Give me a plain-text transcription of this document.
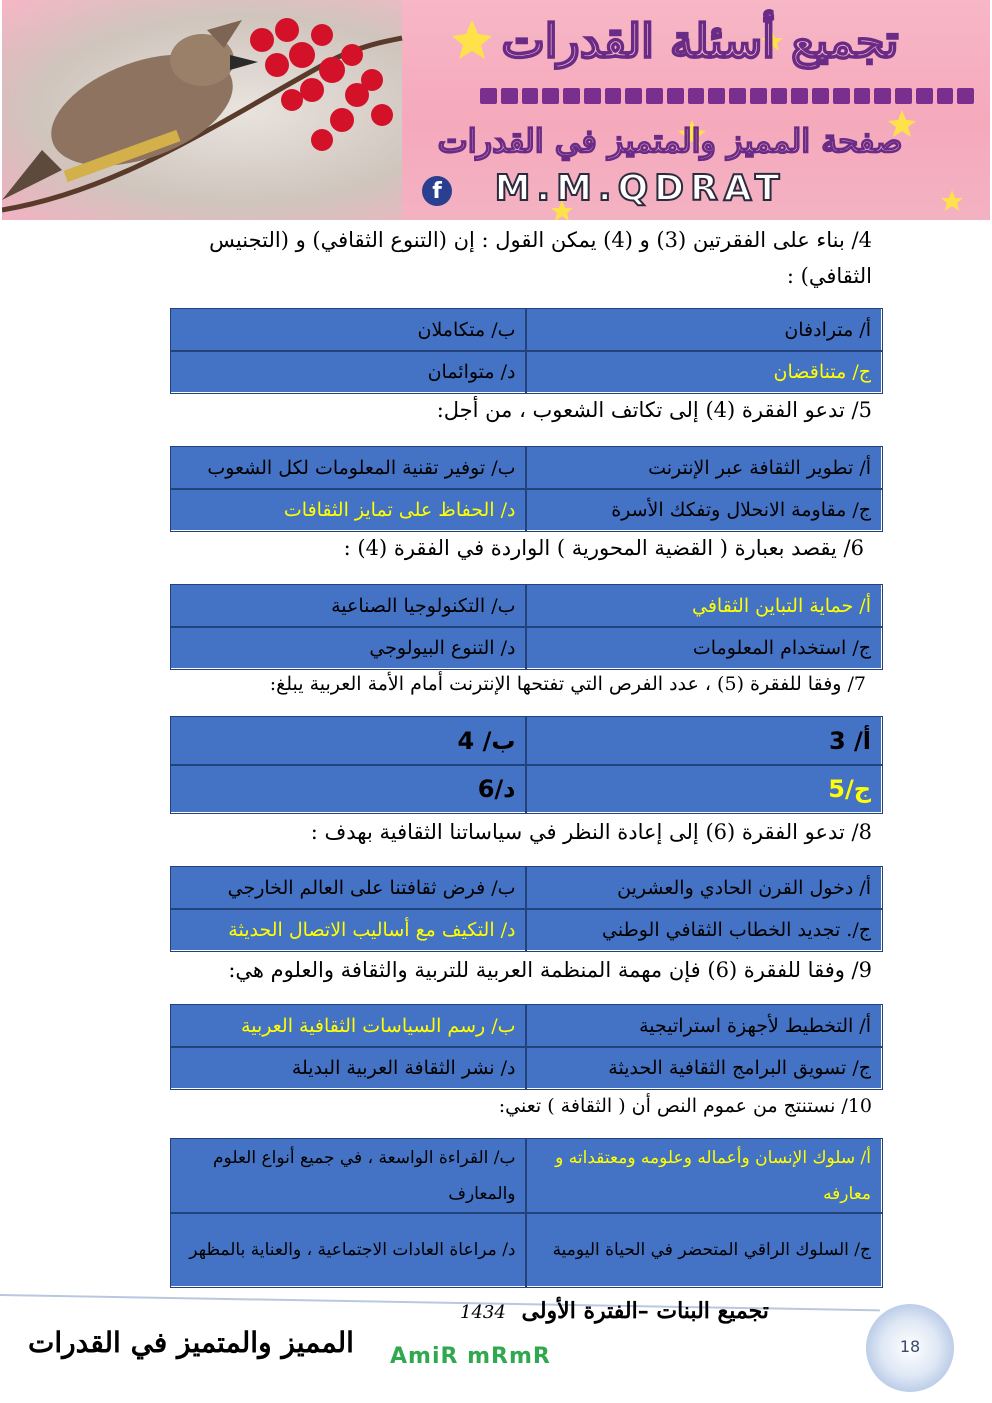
تجميع أسئلة القدرات
صفحة المميز والمتميز في القدرات
f	M.M.QDRAT
4/ بناء على الفقرتين (3) و (4) يمكن القول : إن (التنوع الثقافي) و (التجنيس الثقافي) :
أ/ مترادفان	ب/ متكاملان
ج/ متناقضان	د/ متوائمان
5/ تدعو الفقرة (4) إلى تكاتف الشعوب ، من أجل:
أ/ تطوير الثقافة عبر الإنترنت	ب/ توفير تقنية المعلومات لكل الشعوب
ج/ مقاومة الانحلال وتفكك الأسرة	د/ الحفاظ على تمايز الثقافات
6/ يقصد بعبارة ( القضية المحورية ) الواردة في الفقرة (4) :
أ/ حماية التباين الثقافي	ب/ التكنولوجيا الصناعية
ج/ استخدام المعلومات	د/ التنوع البيولوجي
7/ وفقا للفقرة (5) ، عدد الفرص التي تفتحها الإنترنت أمام الأمة العربية يبلغ:
أ/ 3	ب/ 4
ج/5	د/6
8/ تدعو الفقرة (6) إلى إعادة النظر في سياساتنا الثقافية بهدف :
أ/ دخول القرن الحادي والعشرين	ب/ فرض ثقافتنا على العالم الخارجي
ج/. تجديد الخطاب الثقافي الوطني	د/ التكيف مع أساليب الاتصال الحديثة
9/ وفقا للفقرة (6) فإن مهمة المنظمة العربية للتربية والثقافة والعلوم هي:
أ/ التخطيط لأجهزة استراتيجية	ب/ رسم السياسات الثقافية العربية
ج/ تسويق البرامج الثقافية الحديثة	د/ نشر الثقافة العربية البديلة
10/ نستنتج من عموم النص أن ( الثقافة ) تعني:
أ/ سلوك الإنسان وأعماله وعلومه ومعتقداته و معارفه	ب/ القراءة الواسعة ، في جميع أنواع العلوم والمعارف
ج/ السلوك الراقي المتحضر في الحياة اليومية	د/ مراعاة العادات الاجتماعية ، والعناية بالمظهر
تجميع البنات –الفترة الأولى 1434
المميز والمتميز في القدرات AmiR mRmR	18
